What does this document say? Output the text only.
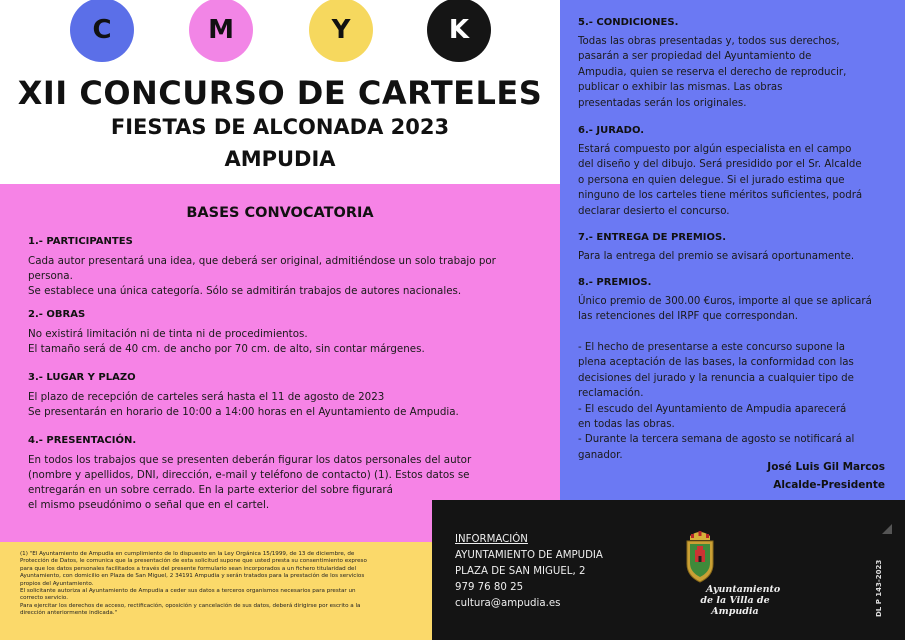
C	M	Y	K
XII CONCURSO DE CARTELES
FIESTAS DE ALCONADA 2023
AMPUDIA
BASES CONVOCATORIA
1.- PARTICIPANTES
Cada autor presentará una idea, que deberá ser original, admitiéndose un solo trabajo por
persona.
Se establece una única categoría. Sólo se admitirán trabajos de autores nacionales.
2.- OBRAS
No existirá limitación ni de tinta ni de procedimientos.
El tamaño será de 40 cm. de ancho por 70 cm. de alto, sin contar márgenes.
3.- LUGAR Y PLAZO
El plazo de recepción de carteles será hasta el 11 de agosto de 2023
Se presentarán en horario de 10:00 a 14:00 horas en el Ayuntamiento de Ampudia.
4.- PRESENTACIÓN.
En todos los trabajos que se presenten deberán figurar los datos personales del autor
(nombre y apellidos, DNI, dirección, e-mail y teléfono de contacto) (1). Estos datos se
entregarán en un sobre cerrado. En la parte exterior del sobre figurará
el mismo pseudónimo o señal que en el cartel.
5.- CONDICIONES.
Todas las obras presentadas y, todos sus derechos,
pasarán a ser propiedad del Ayuntamiento de
Ampudia, quien se reserva el derecho de reproducir,
publicar o exhibir las mismas. Las obras
presentadas serán los originales.
6.- JURADO.
Estará compuesto por algún especialista en el campo
del diseño y del dibujo. Será presidido por el Sr. Alcalde
o persona en quien delegue. Si el jurado estima que
ninguno de los carteles tiene méritos suficientes, podrá
declarar desierto el concurso.
7.- ENTREGA DE PREMIOS.
Para la entrega del premio se avisará oportunamente.
8.- PREMIOS.
Único premio de 300.00 €uros, importe al que se aplicará
las retenciones del IRPF que correspondan.
- El hecho de presentarse a este concurso supone la
plena aceptación de las bases, la conformidad con las
decisiones del jurado y la renuncia a cualquier tipo de
reclamación.
- El escudo del Ayuntamiento de Ampudia aparecerá
en todas las obras.
- Durante la tercera semana de agosto se notificará al
ganador.
José Luis Gil Marcos
Alcalde-Presidente
(1) "El Ayuntamiento de Ampudia en cumplimiento de lo dispuesto en la Ley Orgánica 15/1999, de 13 de diciembre, de
Protección de Datos, le comunica que la presentación de esta solicitud supone que usted presta su consentimiento expreso
para que los datos personales facilitados a través del presente formulario sean incorporados a un fichero titularidad del
Ayuntamiento, con domicilio en Plaza de San Miguel, 2 34191 Ampudia y serán tratados para la prestación de los servicios
propios del Ayuntamiento.
El solicitante autoriza al Ayuntamiento de Ampudia a ceder sus datos a terceros organismos necesarios para prestar un
correcto servicio.
Para ejercitar los derechos de acceso, rectificación, oposición y cancelación de sus datos, deberá dirigirse por escrito a la
dirección anteriormente indicada."
INFORMACIÓN
AYUNTAMIENTO DE AMPUDIA
PLAZA DE SAN MIGUEL, 2
979 76 80 25
cultura@ampudia.es
Ayuntamiento
de la Villa de Ampudia	DL P 143-2023
